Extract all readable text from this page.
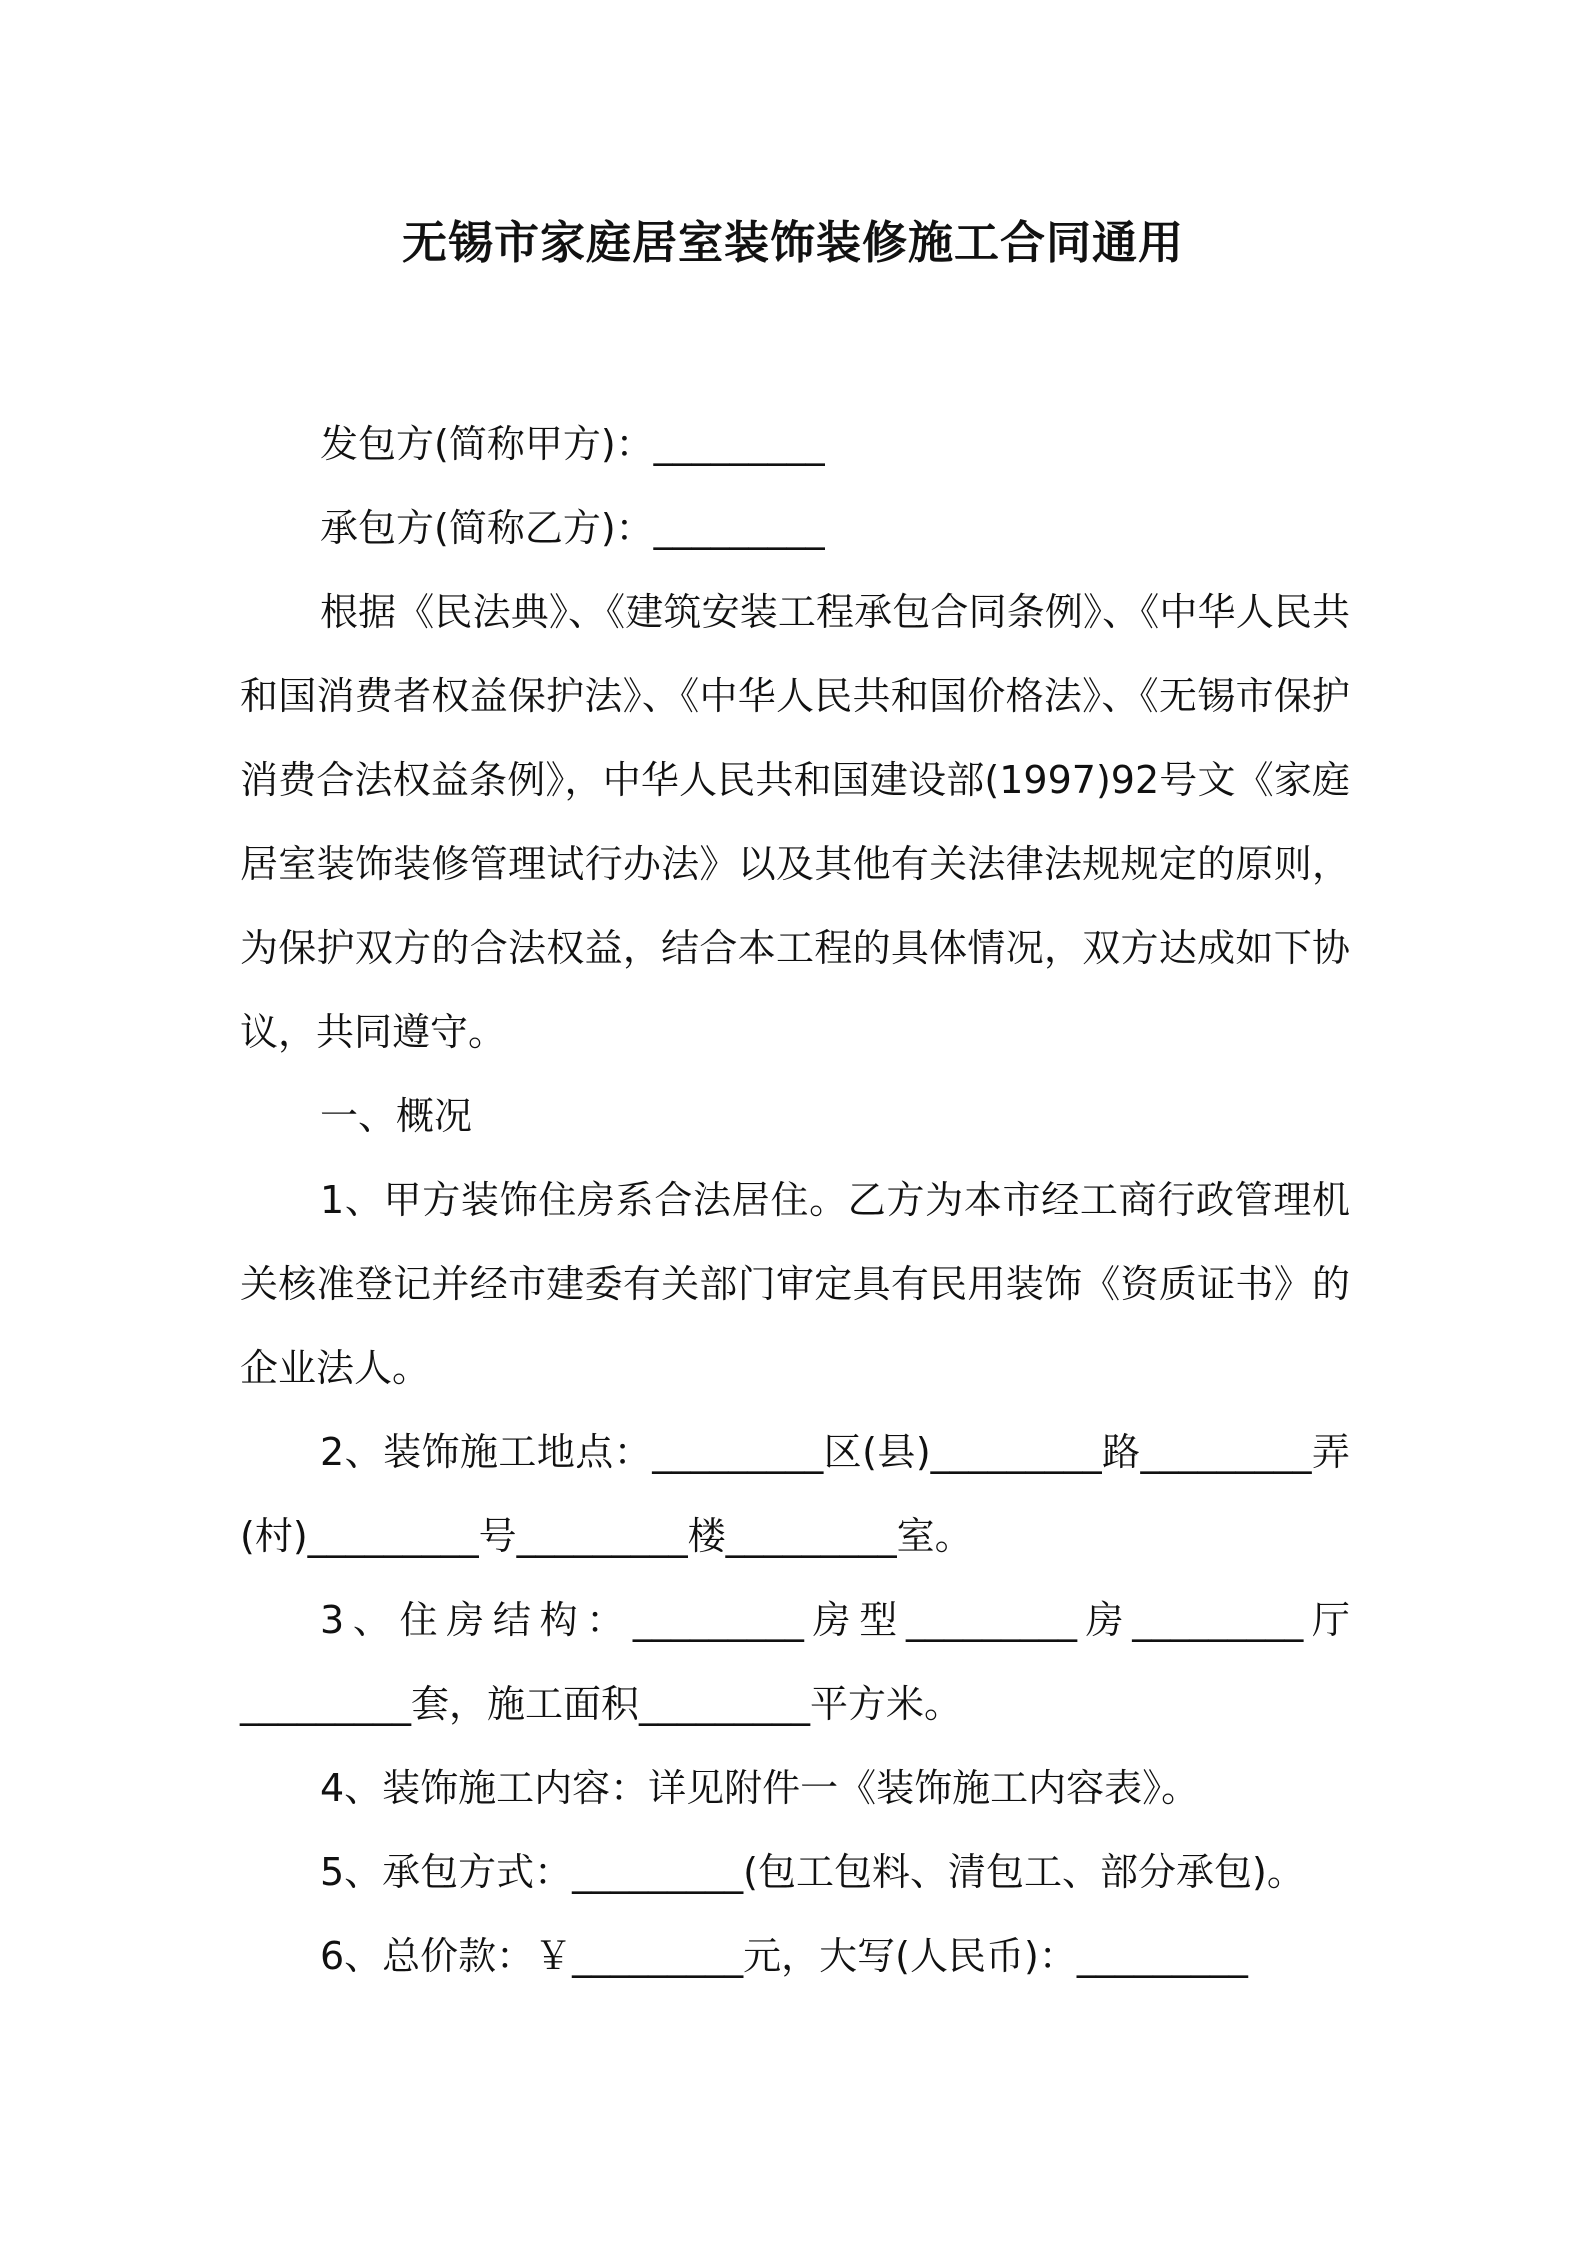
无锡市家庭居室装饰装修施工合同通用

发包方(简称甲方)：_________

承包方(简称乙方)：_________

根据《民法典》、《建筑安装工程承包合同条例》、《中华人民共和国消费者权益保护法》、《中华人民共和国价格法》、《无锡市保护消费合法权益条例》，中华人民共和国建设部(1997)92号文《家庭居室装饰装修管理试行办法》以及其他有关法律法规规定的原则，为保护双方的合法权益，结合本工程的具体情况，双方达成如下协议，共同遵守。

一、概况

1、甲方装饰住房系合法居住。乙方为本市经工商行政管理机关核准登记并经市建委有关部门审定具有民用装饰《资质证书》的企业法人。

2、装饰施工地点：_________区(县)_________路_________弄(村)_________号_________楼_________室。

3、住房结构：_________房型_________房_________厅_________套，施工面积_________平方米。

4、装饰施工内容：详见附件一《装饰施工内容表》。

5、承包方式：_________(包工包料、清包工、部分承包)。

6、总价款：￥_________元，大写(人民币)：_________
